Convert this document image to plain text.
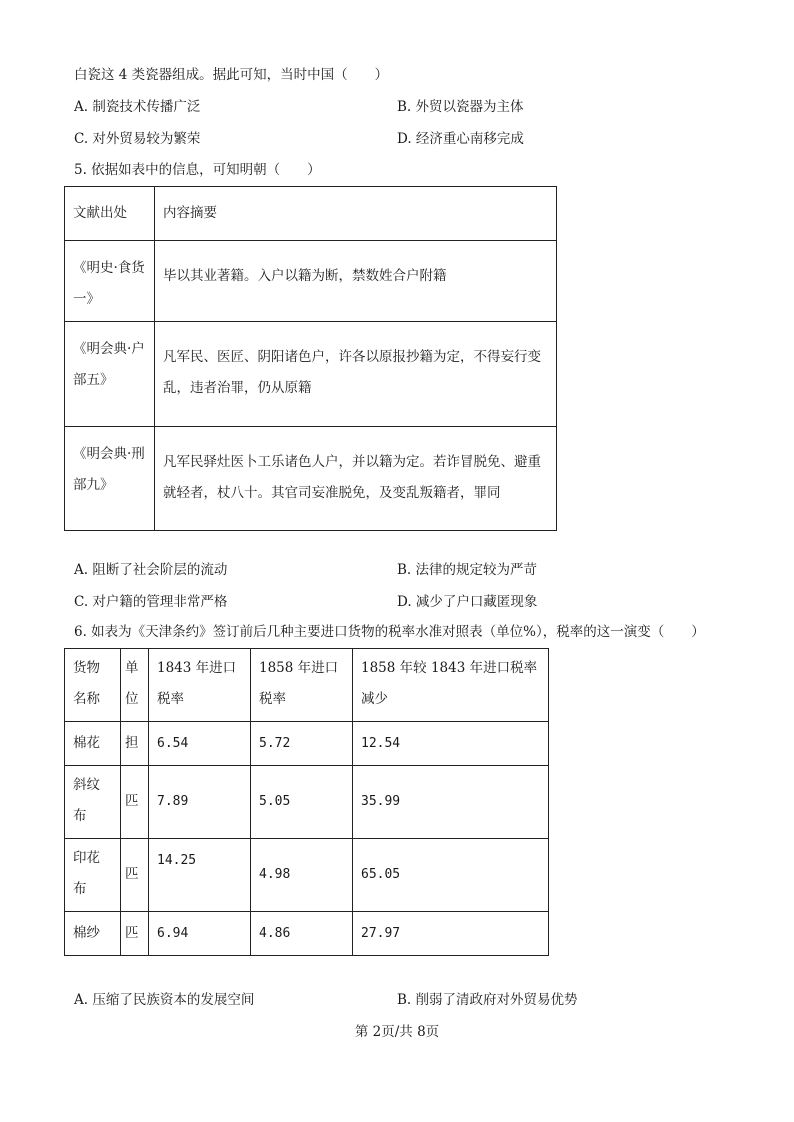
白瓷这 4 类瓷器组成。据此可知，当时中国（　　）
A. 制瓷技术传播广泛	B. 外贸以瓷器为主体
C. 对外贸易较为繁荣	D. 经济重心南移完成
5. 依据如表中的信息，可知明朝（　　）
文献出处	内容摘要

《明史·食货一》	毕以其业著籍。入户以籍为断，禁数姓合户附籍

《明会典·户部五》	凡军民、医匠、阴阳诸色户，许各以原报抄籍为定，不得妄行变乱，违者治罪，仍从原籍

《明会典·刑部九》	凡军民驿灶医卜工乐诸色人户，并以籍为定。若诈冒脱免、避重就轻者，杖八十。其官司妄准脱免，及变乱叛籍者，罪同
A. 阻断了社会阶层的流动	B. 法律的规定较为严苛
C. 对户籍的管理非常严格	D. 减少了户口藏匿现象
6. 如表为《天津条约》签订前后几种主要进口货物的税率水准对照表（单位%），税率的这一演变（　　）
货物名称	单位	1843 年进口税率	1858 年进口税率	1858 年较 1843 年进口税率减少

棉花	担	6.54	5.72	12.54

斜纹布	匹	7.89	5.05	35.99

印花布	匹	14.25	4.98	65.05

棉纱	匹	6.94	4.86	27.97
A. 压缩了民族资本的发展空间	B. 削弱了清政府对外贸易优势
第 2页/共 8页
